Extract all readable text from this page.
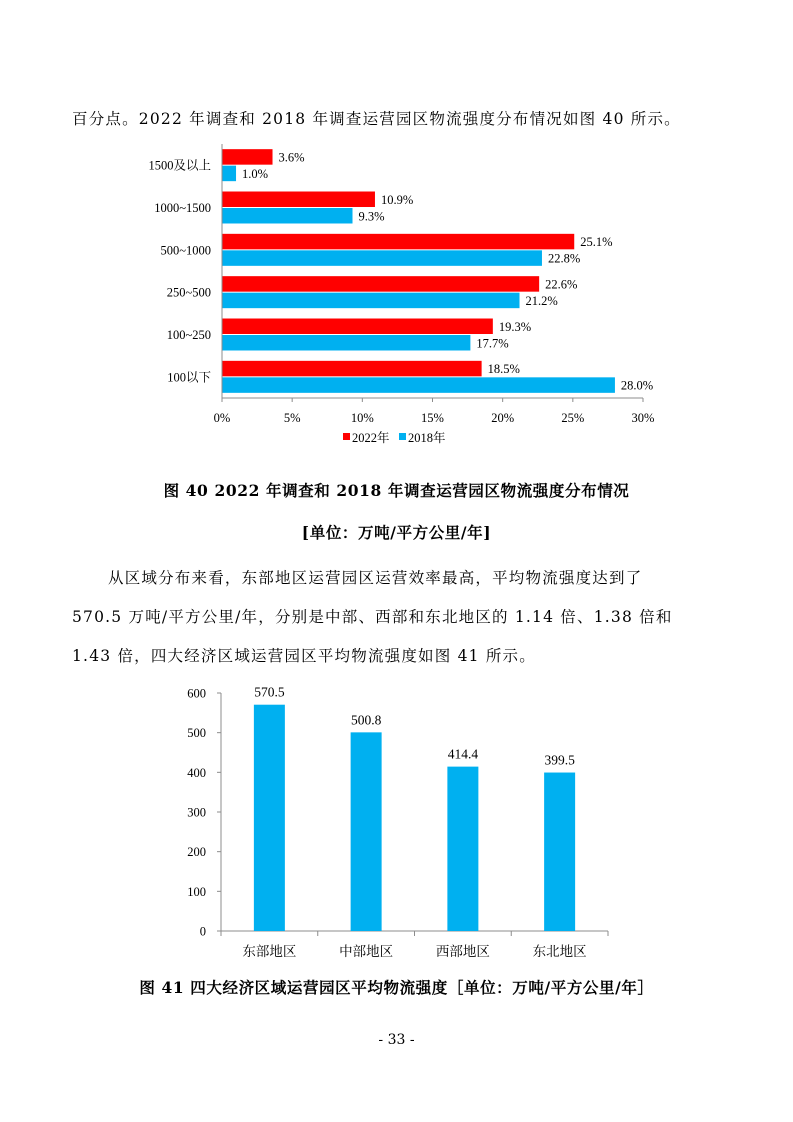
百分点。2022 年调查和 2018 年调查运营园区物流强度分布情况如图 40 所示。
1500及以上
3.6%
1.0%
1000~1500
10.9%
9.3%
500~1000
25.1%
22.8%
250~500
22.6%
21.2%
100~250
19.3%
17.7%
100以下
18.5%
28.0%
0%	5%	10%	15%	20%	25%	30%
2022年 2018年
图 40 2022 年调查和 2018 年调查运营园区物流强度分布情况
[单位：万吨/平方公里/年]
从区域分布来看，东部地区运营园区运营效率最高，平均物流强度达到了
570.5 万吨/平方公里/年，分别是中部、西部和东北地区的 1.14 倍、1.38 倍和
1.43 倍，四大经济区域运营园区平均物流强度如图 41 所示。
0
100
200
300
400
500
600	570.5
东部地区
500.8
中部地区
414.4
西部地区
399.5
东北地区
图 41 四大经济区域运营园区平均物流强度［单位：万吨/平方公里/年］
- 33 -
